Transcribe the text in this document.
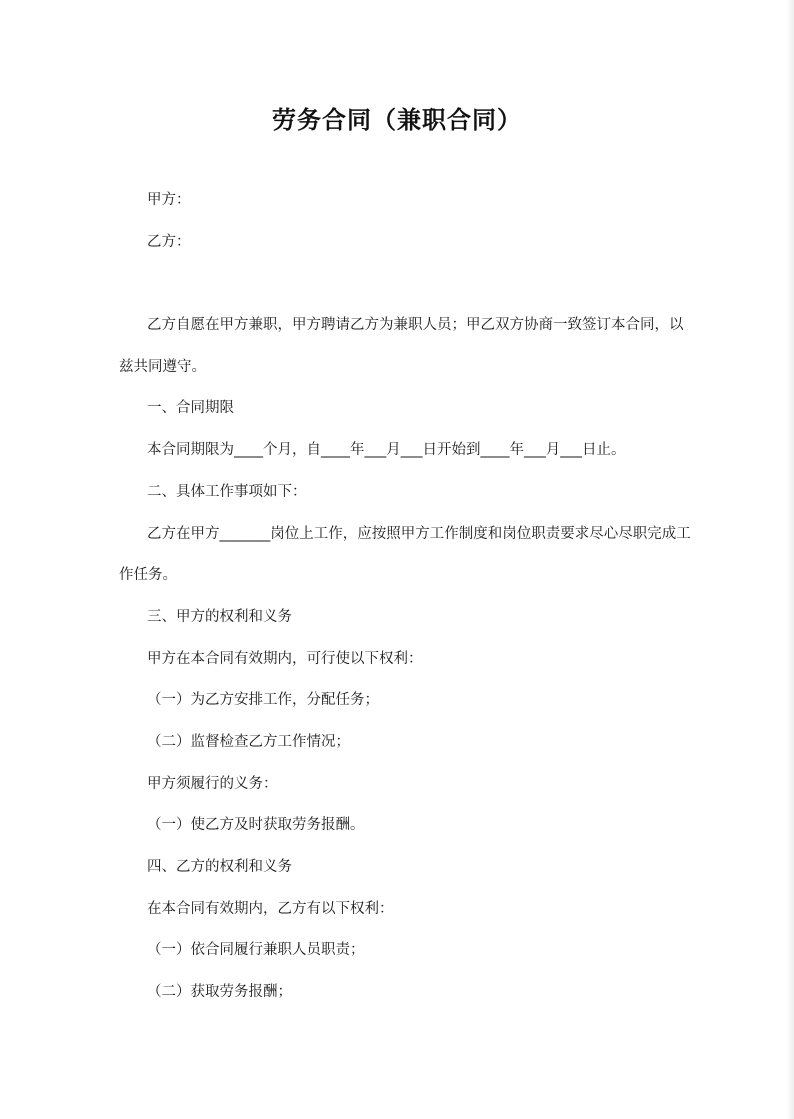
劳务合同（兼职合同）
甲方：
乙方：
乙方自愿在甲方兼职，甲方聘请乙方为兼职人员；甲乙双方协商一致签订本合同，以
兹共同遵守。
一、合同期限
本合同期限为____个月，自____年___月___日开始到____年___月___日止。
二、具体工作事项如下：
乙方在甲方_______岗位上工作，应按照甲方工作制度和岗位职责要求尽心尽职完成工
作任务。
三、甲方的权利和义务
甲方在本合同有效期内，可行使以下权利：
（一）为乙方安排工作，分配任务；
（二）监督检查乙方工作情况；
甲方须履行的义务：
（一）使乙方及时获取劳务报酬。
四、乙方的权利和义务
在本合同有效期内，乙方有以下权利：
（一）依合同履行兼职人员职责；
（二）获取劳务报酬；
